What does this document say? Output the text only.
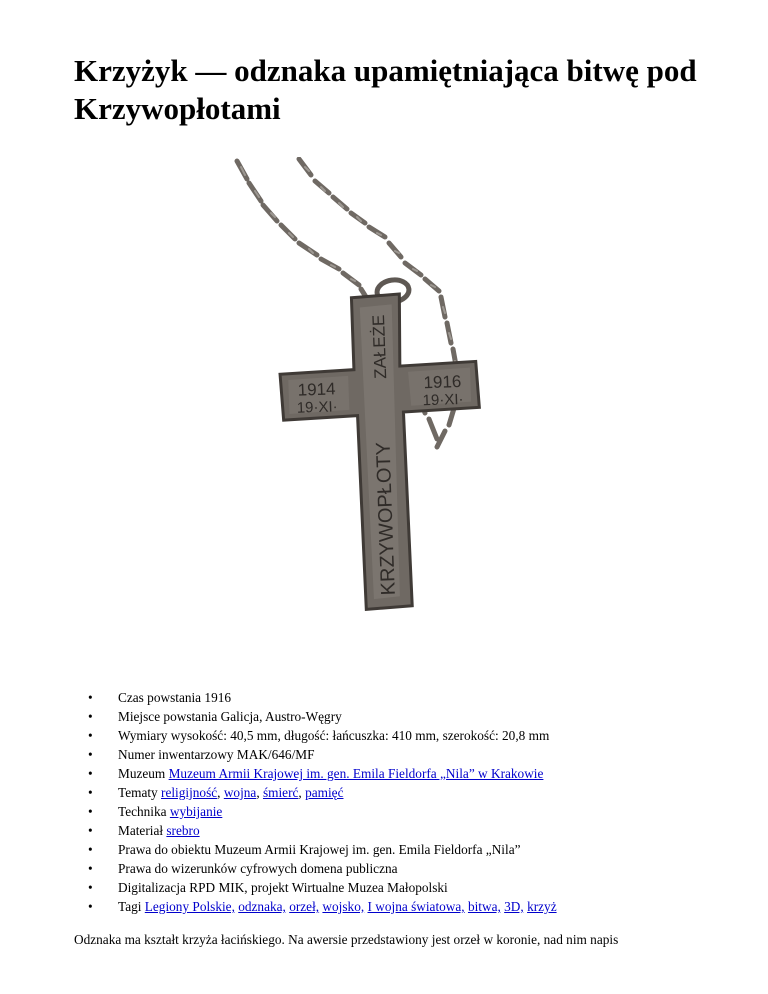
Krzyżyk — odznaka upamiętniająca bitwę pod Krzywopłotami
1914
19·XI·
1916
19·XI·
ZAŁEŻE
KRZYWOPŁOTY
• Czas powstania 1916
• Miejsce powstania Galicja, Austro-Węgry
• Wymiary wysokość: 40,5 mm, długość: łańcuszka: 410 mm, szerokość: 20,8 mm
• Numer inwentarzowy MAK/646/MF
• Muzeum Muzeum Armii Krajowej im. gen. Emila Fieldorfa „Nila” w Krakowie
• Tematy religijność, wojna, śmierć, pamięć
• Technika wybijanie
• Materiał srebro
• Prawa do obiektu Muzeum Armii Krajowej im. gen. Emila Fieldorfa „Nila”
• Prawa do wizerunków cyfrowych domena publiczna
• Digitalizacja RPD MIK, projekt Wirtualne Muzea Małopolski
• Tagi Legiony Polskie, odznaka, orzeł, wojsko, I wojna światowa, bitwa, 3D, krzyż

Odznaka ma kształt krzyża łacińskiego. Na awersie przedstawiony jest orzeł w koronie, nad nim napis
